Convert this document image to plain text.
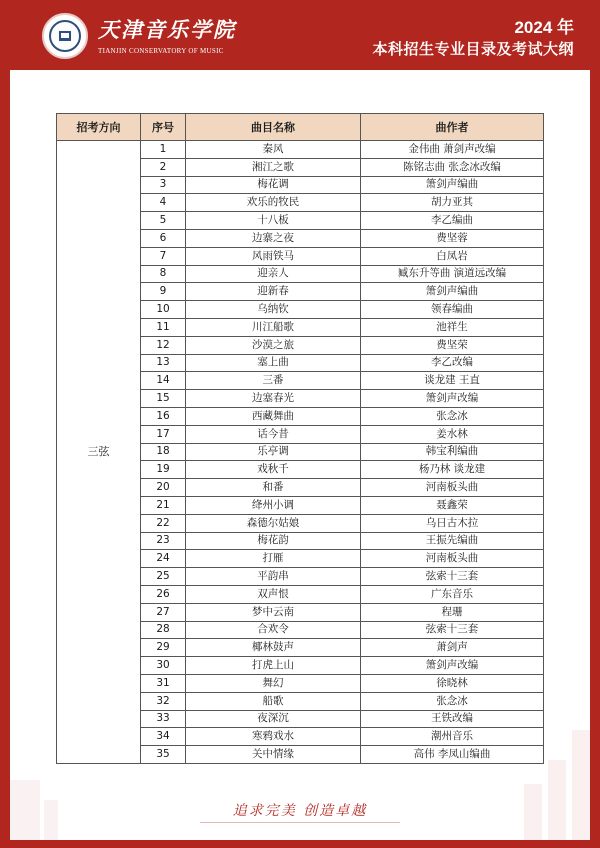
天津音乐学院
TIANJIN CONSERVATORY OF MUSIC
2024 年
本科招生专业目录及考试大纲
招考方向	序号	曲目名称	曲作者
三弦	1	秦风	金伟曲 萧剑声改编
	2	湘江之歌	陈铭志曲 张念冰改编
	3	梅花调	箫剑声编曲
	4	欢乐的牧民	胡力亚其
	5	十八板	李乙编曲
	6	边寨之夜	费坚蓉
	7	风雨铁马	白凤岩
	8	迎亲人	臧东升等曲 演道远改编
	9	迎新春	箫剑声编曲
	10	乌纳钦	领春编曲
	11	川江船歌	池祥生
	12	沙漠之旅	费坚荣
	13	塞上曲	李乙改编
	14	三番	谈龙建 王直
	15	边塞春光	箫剑声改编
	16	西藏舞曲	张念冰
	17	话今昔	姜水林
	18	乐亭调	韩宝利编曲
	19	戏秋千	杨乃林 谈龙建
	20	和番	河南板头曲
	21	绛州小调	聂鑫荣
	22	森德尔姑娘	乌日古木拉
	23	梅花韵	王振先编曲
	24	打雁	河南板头曲
	25	平韵串	弦索十三套
	26	双声恨	广东音乐
	27	梦中云南	程珊
	28	合欢令	弦索十三套
	29	椰林鼓声	萧剑声
	30	打虎上山	箫剑声改编
	31	舞幻	徐晓林
	32	船歌	张念冰
	33	夜深沉	王铁改编
	34	寒鸦戏水	潮州音乐
	35	关中情缘	高伟 李凤山编曲
追求完美 创造卓越
